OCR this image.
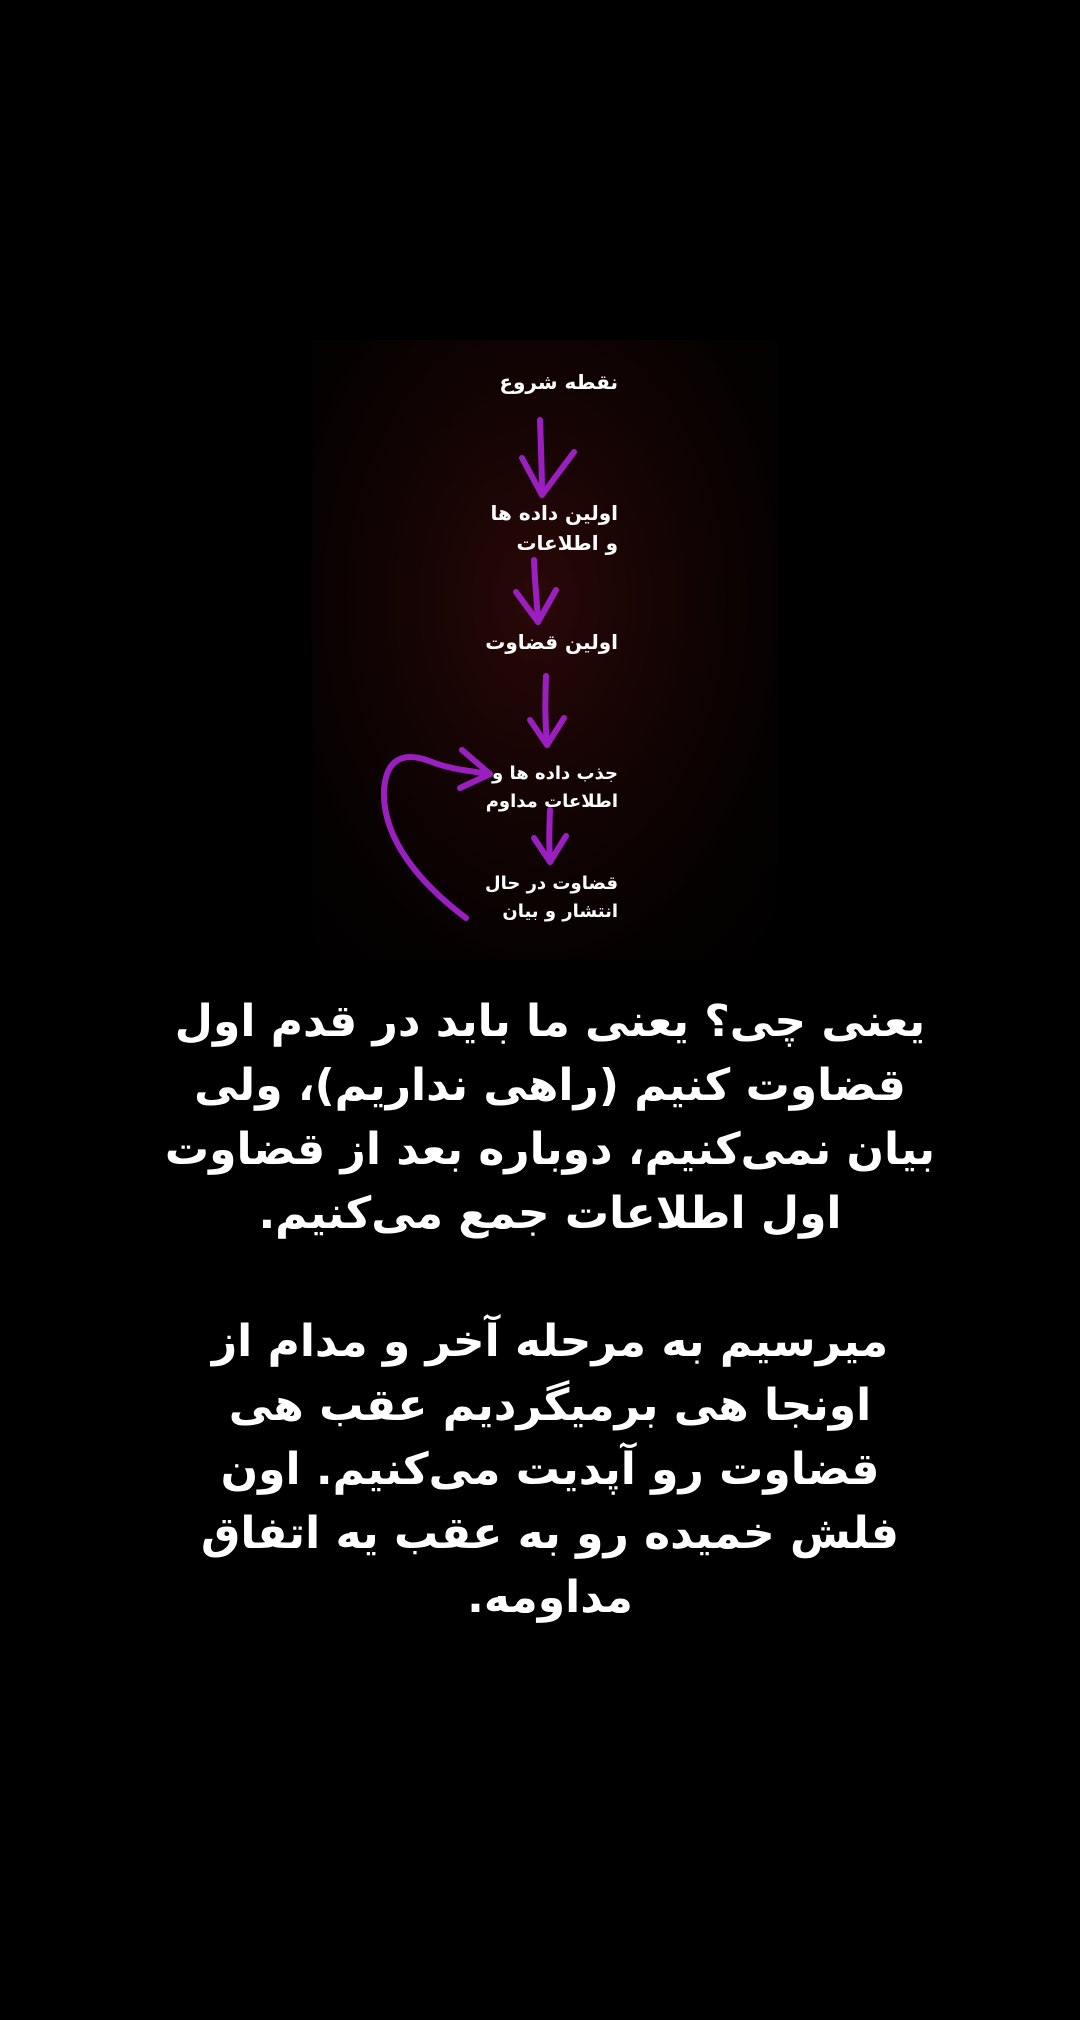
نقطه شروع
اولین داده ها
و اطلاعات
اولین قضاوت
جذب داده ها و
اطلاعات مداوم
قضاوت در حال
انتشار و بیان

یعنی چی؟ یعنی ما باید در قدم اول قضاوت کنیم (راهی نداریم)، ولی بیان نمی‌کنیم، دوباره بعد از قضاوت اول اطلاعات جمع می‌کنیم.

میرسیم به مرحله آخر و مدام از اونجا هی برمیگردیم عقب هی قضاوت رو آپدیت می‌کنیم. اون فلش خمیده رو به عقب یه اتفاق مداومه.
